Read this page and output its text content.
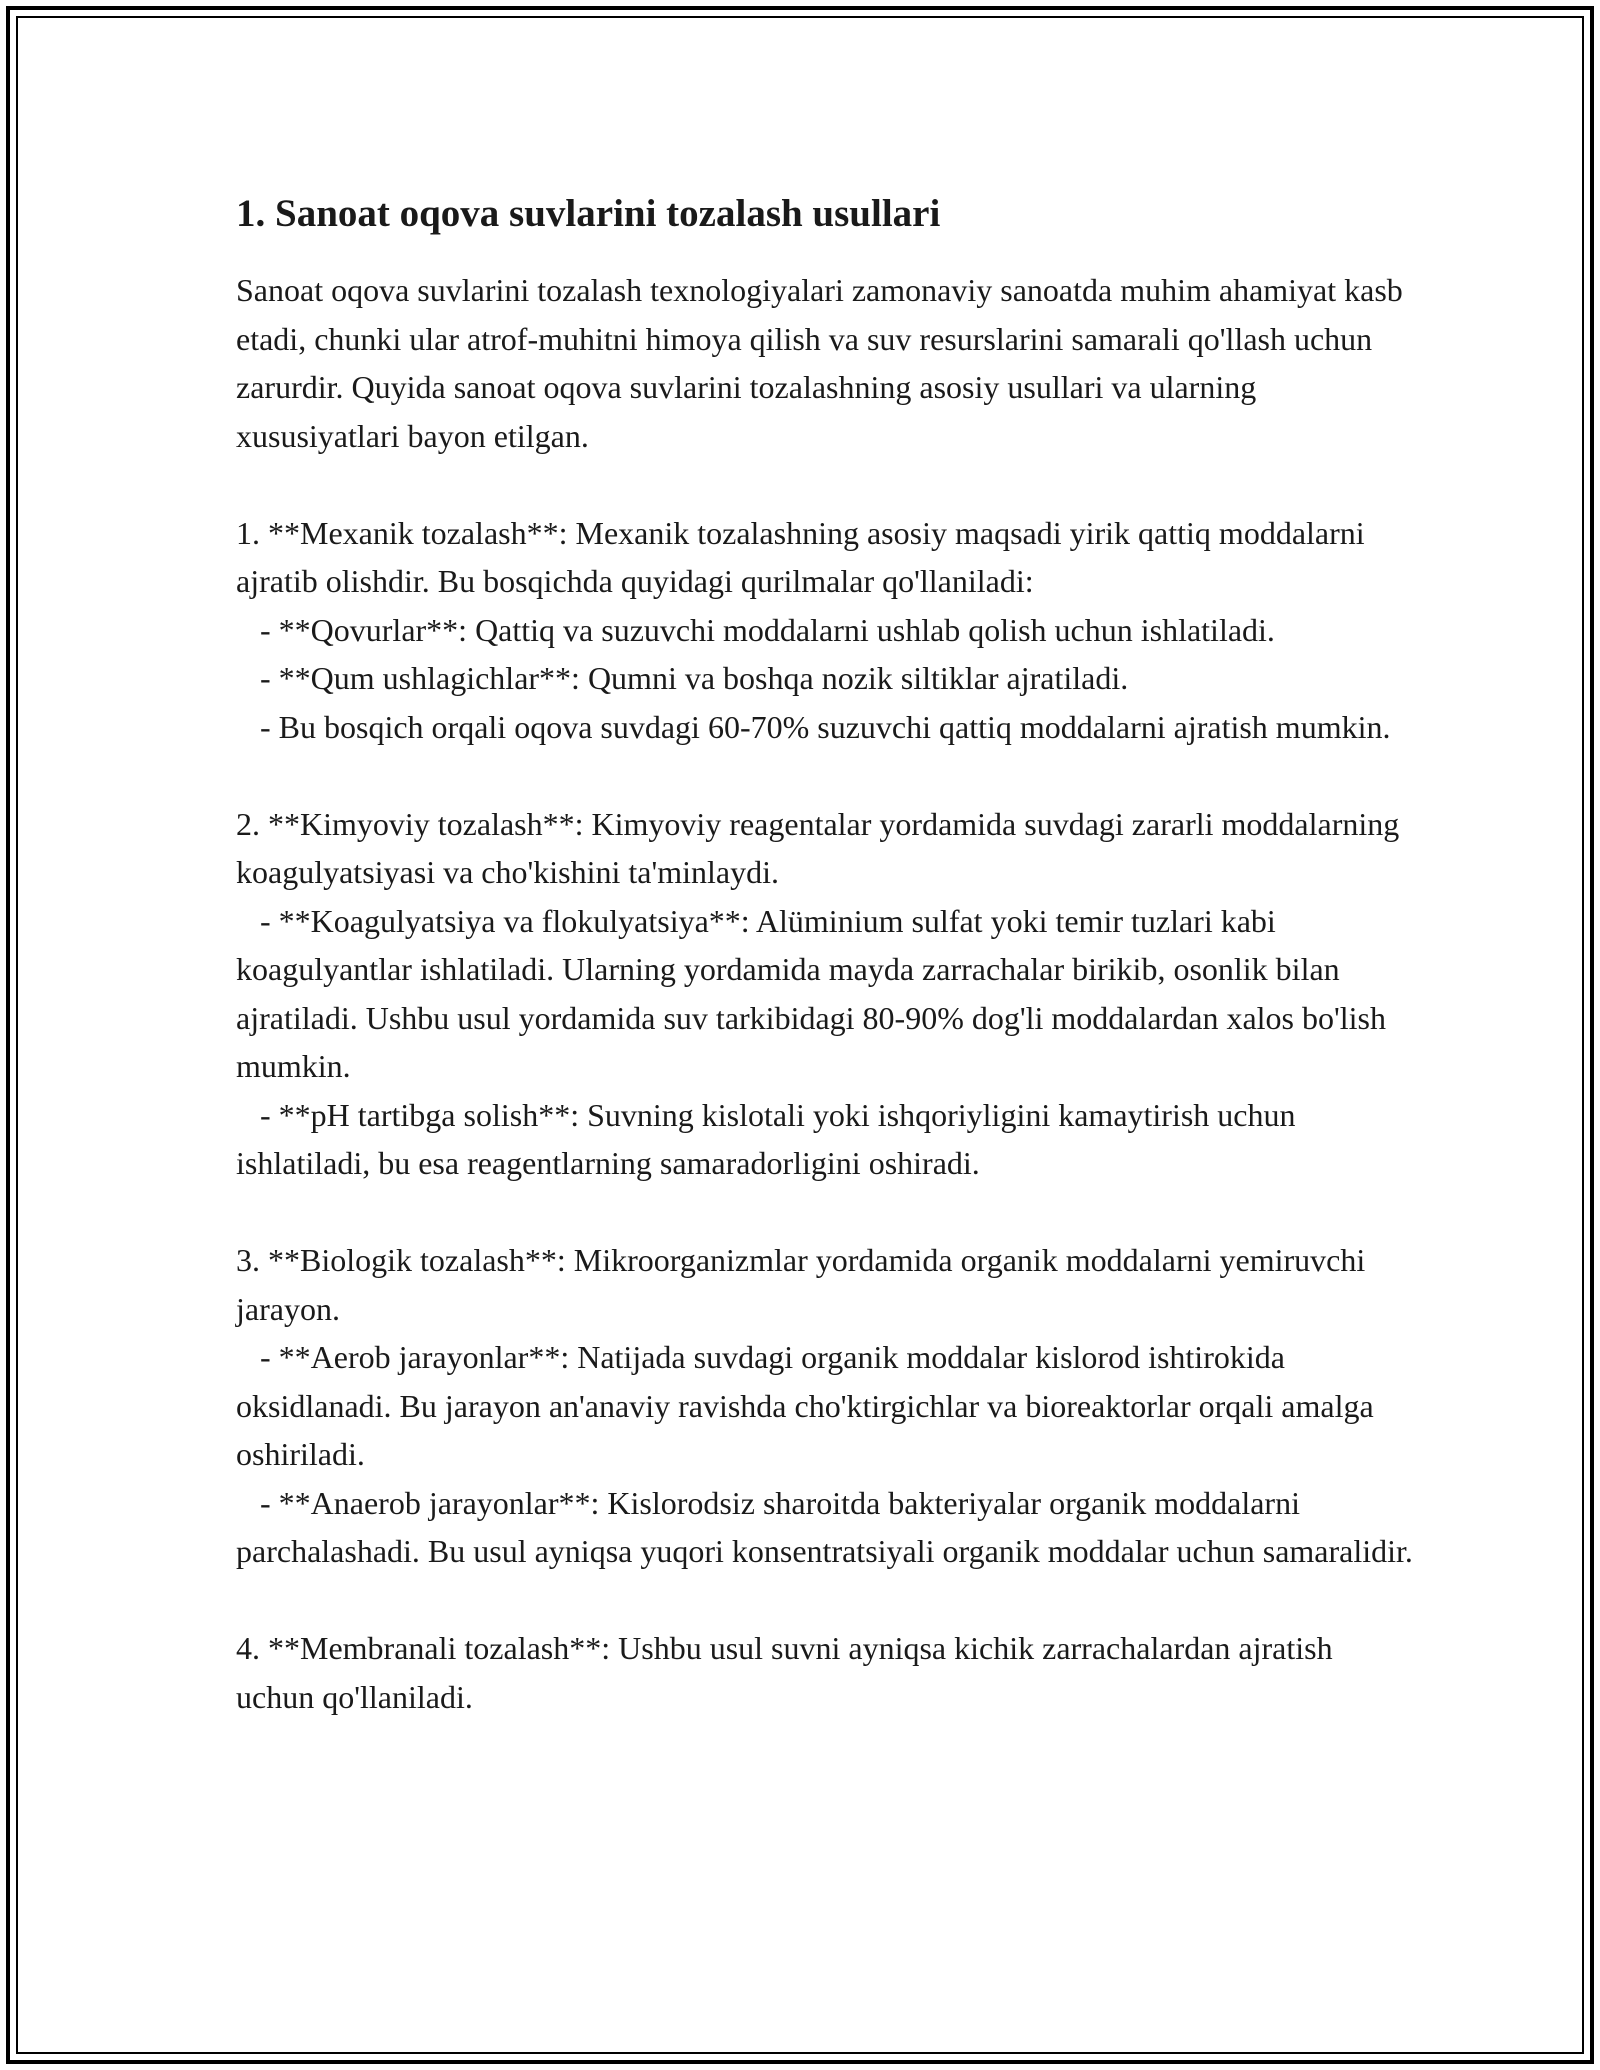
1. Sanoat oqova suvlarini tozalash usullari

Sanoat oqova suvlarini tozalash texnologiyalari zamonaviy sanoatda muhim ahamiyat kasb etadi, chunki ular atrof-muhitni himoya qilish va suv resurslarini samarali qo'llash uchun zarurdir. Quyida sanoat oqova suvlarini tozalashning asosiy usullari va ularning xususiyatlari bayon etilgan.

1. **Mexanik tozalash**: Mexanik tozalashning asosiy maqsadi yirik qattiq moddalarni ajratib olishdir. Bu bosqichda quyidagi qurilmalar qo'llaniladi:

- **Qovurlar**: Qattiq va suzuvchi moddalarni ushlab qolish uchun ishlatiladi.

- **Qum ushlagichlar**: Qumni va boshqa nozik siltiklar ajratiladi.

- Bu bosqich orqali oqova suvdagi 60-70% suzuvchi qattiq moddalarni ajratish mumkin.

2. **Kimyoviy tozalash**: Kimyoviy reagentalar yordamida suvdagi zararli moddalarning koagulyatsiyasi va cho'kishini ta'minlaydi.

- **Koagulyatsiya va flokulyatsiya**: Alüminium sulfat yoki temir tuzlari kabi koagulyantlar ishlatiladi. Ularning yordamida mayda zarrachalar birikib, osonlik bilan ajratiladi. Ushbu usul yordamida suv tarkibidagi 80-90% dog'li moddalardan xalos bo'lish mumkin.

- **pH tartibga solish**: Suvning kislotali yoki ishqoriyligini kamaytirish uchun ishlatiladi, bu esa reagentlarning samaradorligini oshiradi.

3. **Biologik tozalash**: Mikroorganizmlar yordamida organik moddalarni yemiruvchi jarayon.

- **Aerob jarayonlar**: Natijada suvdagi organik moddalar kislorod ishtirokida oksidlanadi. Bu jarayon an'anaviy ravishda cho'ktirgichlar va bioreaktorlar orqali amalga oshiriladi.

- **Anaerob jarayonlar**: Kislorodsiz sharoitda bakteriyalar organik moddalarni parchalashadi. Bu usul ayniqsa yuqori konsentratsiyali organik moddalar uchun samaralidir.

4. **Membranali tozalash**: Ushbu usul suvni ayniqsa kichik zarrachalardan ajratish uchun qo'llaniladi.
